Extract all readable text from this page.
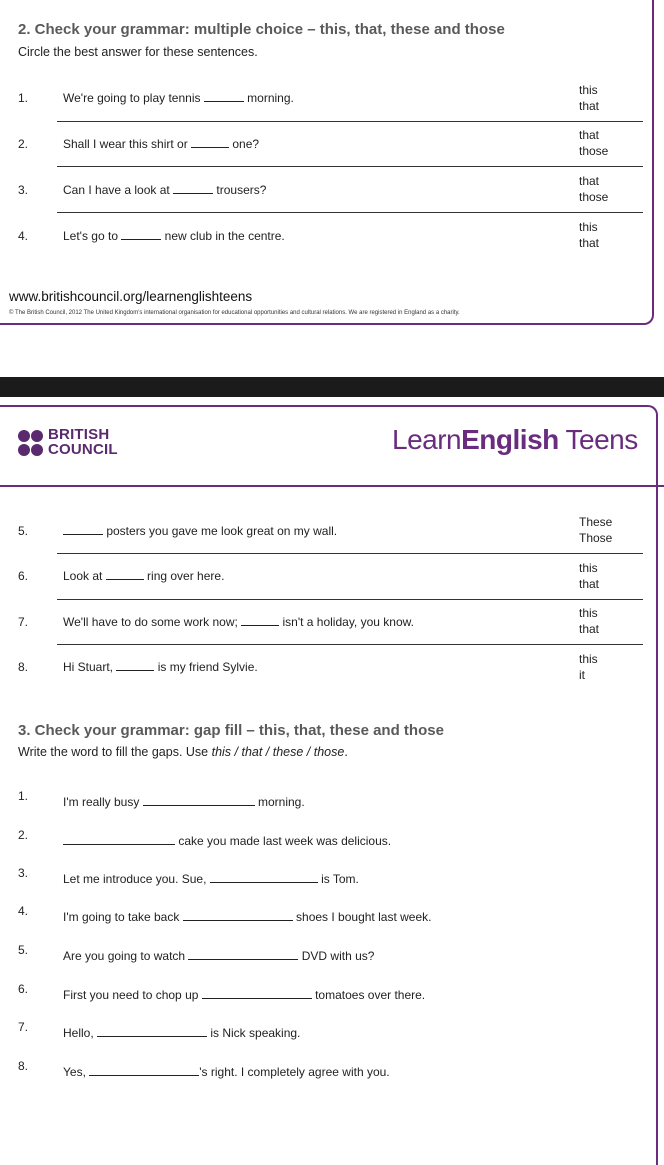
2. Check your grammar: multiple choice – this, that, these and those
Circle the best answer for these sentences.
1.	We're going to play tennis	morning.
this
that
2.	Shall I wear this shirt or	one?
that
those
3.	Can I have a look at	trousers?
that
those
4.	Let's go to	new club in the centre.
this
that
www.britishcouncil.org/learnenglishteens
© The British Council, 2012 The United Kingdom's international organisation for educational opportunities and cultural relations. We are registered in England as a charity.
BRITISH
COUNCIL	LearnEnglish Teens
5.	posters you gave me look great on my wall.
These
Those
6.	Look at	ring over here.
this
that
7.	We'll have to do some work now;	isn't a holiday, you know.
this
that
8.	Hi Stuart,	is my friend Sylvie.
this
it
3. Check your grammar: gap fill – this, that, these and those
Write the word to fill the gaps. Use this / that / these / those.
1.	I'm really busy	morning.
2.	cake you made last week was delicious.
3.	Let me introduce you. Sue,	is Tom.
4.	I'm going to take back	shoes I bought last week.
5.	Are you going to watch	DVD with us?
6.	First you need to chop up	tomatoes over there.
7.	Hello,	is Nick speaking.
8.	Yes,	's right. I completely agree with you.
